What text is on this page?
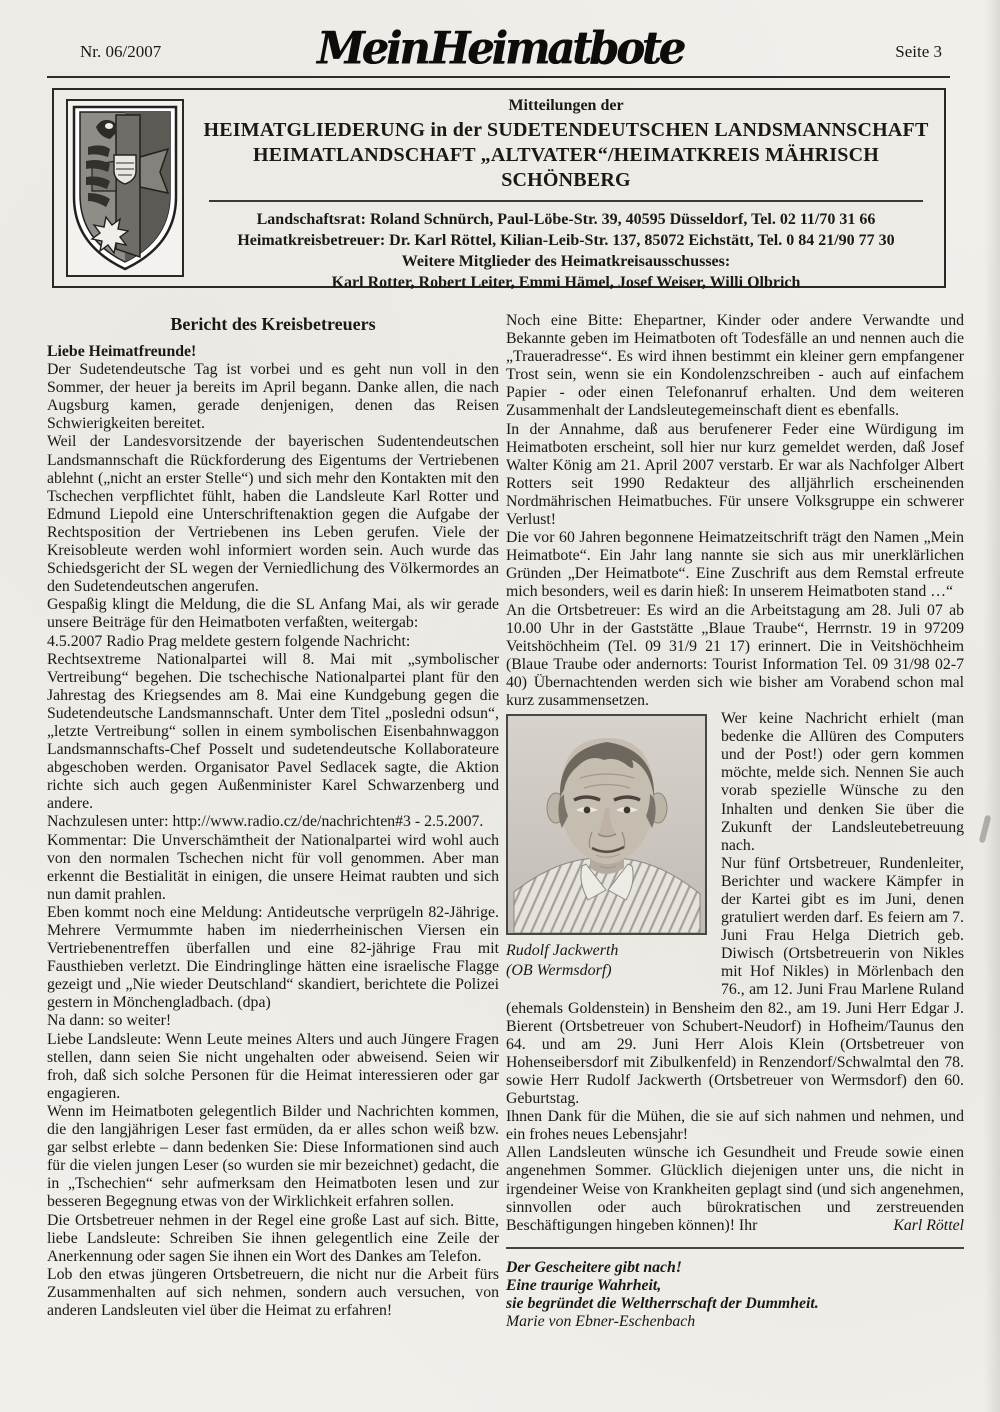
Nr. 06/2007	Mein Heimatbote	Seite 3
Mitteilungen der
HEIMATGLIEDERUNG in der SUDETENDEUTSCHEN LANDSMANNSCHAFT
HEIMATLANDSCHAFT „ALTVATER“/HEIMATKREIS MÄHRISCH SCHÖNBERG
Landschaftsrat: Roland Schnürch, Paul-Löbe-Str. 39, 40595 Düsseldorf, Tel. 02 11/70 31 66
Heimatkreisbetreuer: Dr. Karl Röttel, Kilian-Leib-Str. 137, 85072 Eichstätt, Tel. 0 84 21/90 77 30
Weitere Mitglieder des Heimatkreisausschusses:
Karl Rotter, Robert Leiter, Emmi Hämel, Josef Weiser, Willi Olbrich
Bericht des Kreisbetreuers

Liebe Heimatfreunde!

Der Sudetendeutsche Tag ist vorbei und es geht nun voll in den Sommer, der heuer ja bereits im April begann. Danke allen, die nach Augsburg kamen, gerade denjenigen, denen das Reisen Schwierigkeiten bereitet.

Weil der Landesvorsitzende der bayerischen Sudentendeutschen Landsmannschaft die Rückforderung des Eigentums der Vertriebenen ablehnt („nicht an erster Stelle“) und sich mehr den Kontakten mit den Tschechen verpflichtet fühlt, haben die Landsleute Karl Rotter und Edmund Liepold eine Unterschriftenaktion gegen die Aufgabe der Rechtsposition der Vertriebenen ins Leben gerufen. Viele der Kreisobleute werden wohl informiert worden sein. Auch wurde das Schiedsgericht der SL wegen der Verniedlichung des Völkermordes an den Sudetendeutschen angerufen.

Gespaßig klingt die Meldung, die die SL Anfang Mai, als wir gerade unsere Beiträge für den Heimatboten verfaßten, weitergab:

4.5.2007 Radio Prag meldete gestern folgende Nachricht:

Rechtsextreme Nationalpartei will 8. Mai mit „symbolischer Vertreibung“ begehen. Die tschechische Nationalpartei plant für den Jahrestag des Kriegsendes am 8. Mai eine Kundgebung gegen die Sudetendeutsche Landsmannschaft. Unter dem Titel „posledni odsun“, „letzte Vertreibung“ sollen in einem symbolischen Eisenbahnwaggon Landsmannschafts-Chef Posselt und sudetendeutsche Kollaborateure abgeschoben werden. Organisator Pavel Sedlacek sagte, die Aktion richte sich auch gegen Außenminister Karel Schwarzenberg und andere.

Nachzulesen unter: http://www.radio.cz/de/nachrichten#3 - 2.5.2007.

Kommentar: Die Unverschämtheit der Nationalpartei wird wohl auch von den normalen Tschechen nicht für voll genommen. Aber man erkennt die Bestialität in einigen, die unsere Heimat raubten und sich nun damit prahlen.

Eben kommt noch eine Meldung: Antideutsche verprügeln 82-Jährige. Mehrere Vermummte haben im niederrheinischen Viersen ein Vertriebenentreffen überfallen und eine 82-jährige Frau mit Fausthieben verletzt. Die Eindringlinge hätten eine israelische Flagge gezeigt und „Nie wieder Deutschland“ skandiert, berichtete die Polizei gestern in Mönchengladbach. (dpa)

Na dann: so weiter!

Liebe Landsleute: Wenn Leute meines Alters und auch Jüngere Fragen stellen, dann seien Sie nicht ungehalten oder abweisend. Seien wir froh, daß sich solche Personen für die Heimat interessieren oder gar engagieren.

Wenn im Heimatboten gelegentlich Bilder und Nachrichten kommen, die den langjährigen Leser fast ermüden, da er alles schon weiß bzw. gar selbst erlebte – dann bedenken Sie: Diese Informationen sind auch für die vielen jungen Leser (so wurden sie mir bezeichnet) gedacht, die in „Tschechien“ sehr aufmerksam den Heimatboten lesen und zur besseren Begegnung etwas von der Wirklichkeit erfahren sollen.

Die Ortsbetreuer nehmen in der Regel eine große Last auf sich. Bitte, liebe Landsleute: Schreiben Sie ihnen gelegentlich eine Zeile der Anerkennung oder sagen Sie ihnen ein Wort des Dankes am Telefon.

Lob den etwas jüngeren Ortsbetreuern, die nicht nur die Arbeit fürs Zusammenhalten auf sich nehmen, sondern auch versuchen, von anderen Landsleuten viel über die Heimat zu erfahren!

Noch eine Bitte: Ehepartner, Kinder oder andere Verwandte und Bekannte geben im Heimatboten oft Todesfälle an und nennen auch die „Traueradresse“. Es wird ihnen bestimmt ein kleiner gern empfangener Trost sein, wenn sie ein Kondolenzschreiben - auch auf einfachem Papier - oder einen Telefonanruf erhalten. Und dem weiteren Zusammenhalt der Landsleutegemeinschaft dient es ebenfalls.

In der Annahme, daß aus berufenerer Feder eine Würdigung im Heimatboten erscheint, soll hier nur kurz gemeldet werden, daß Josef Walter König am 21. April 2007 verstarb. Er war als Nachfolger Albert Rotters seit 1990 Redakteur des alljährlich erscheinenden Nordmährischen Heimatbuches. Für unsere Volksgruppe ein schwerer Verlust!

Die vor 60 Jahren begonnene Heimatzeitschrift trägt den Namen „Mein Heimatbote“. Ein Jahr lang nannte sie sich aus mir unerklärlichen Gründen „Der Heimatbote“. Eine Zuschrift aus dem Remstal erfreute mich besonders, weil es darin hieß: In unserem Heimatboten stand …“

An die Ortsbetreuer: Es wird an die Arbeitstagung am 28. Juli 07 ab 10.00 Uhr in der Gaststätte „Blaue Traube“, Herrnstr. 19 in 97209 Veitshöchheim (Tel. 09 31/9 21 17) erinnert. Die in Veitshöchheim (Blaue Traube oder andernorts: Tourist Information Tel. 09 31/98 02-7 40) Übernachtenden werden sich wie bisher am Vorabend schon mal kurz zusammensetzen.

Rudolf Jackwerth
(OB Wermsdorf)

Wer keine Nachricht erhielt (man bedenke die Allüren des Computers und der Post!) oder gern kommen möchte, melde sich. Nennen Sie auch vorab spezielle Wünsche zu den Inhalten und denken Sie über die Zukunft der Landsleutebetreuung nach.

Nur fünf Ortsbetreuer, Rundenleiter, Berichter und wackere Kämpfer in der Kartei gibt es im Juni, denen gratuliert werden darf. Es feiern am 7. Juni Frau Helga Dietrich geb. Diwisch (Ortsbetreuerin von Nikles mit Hof Nikles) in Mörlenbach den 76., am 12. Juni Frau Marlene Ruland (ehemals Goldenstein) in Bensheim den 82., am 19. Juni Herr Edgar J. Bierent (Ortsbetreuer von Schubert-Neudorf) in Hofheim/Taunus den 64. und am 29. Juni Herr Alois Klein (Ortsbetreuer von Hohenseibersdorf mit Zibulkenfeld) in Renzendorf/Schwalmtal den 78. sowie Herr Rudolf Jackwerth (Ortsbetreuer von Wermsdorf) den 60. Geburtstag.

Ihnen Dank für die Mühen, die sie auf sich nahmen und nehmen, und ein frohes neues Lebensjahr!

Allen Landsleuten wünsche ich Gesundheit und Freude sowie einen angenehmen Sommer. Glücklich diejenigen unter uns, die nicht in irgendeiner Weise von Krankheiten geplagt sind (und sich angenehmen, sinnvollen oder auch bürokratischen und zerstreuenden Beschäftigungen hingeben können)! Ihr	Karl Röttel

Der Gescheitere gibt nach!

Eine traurige Wahrheit,

sie begründet die Weltherrschaft der Dummheit.

Marie von Ebner-Eschenbach
